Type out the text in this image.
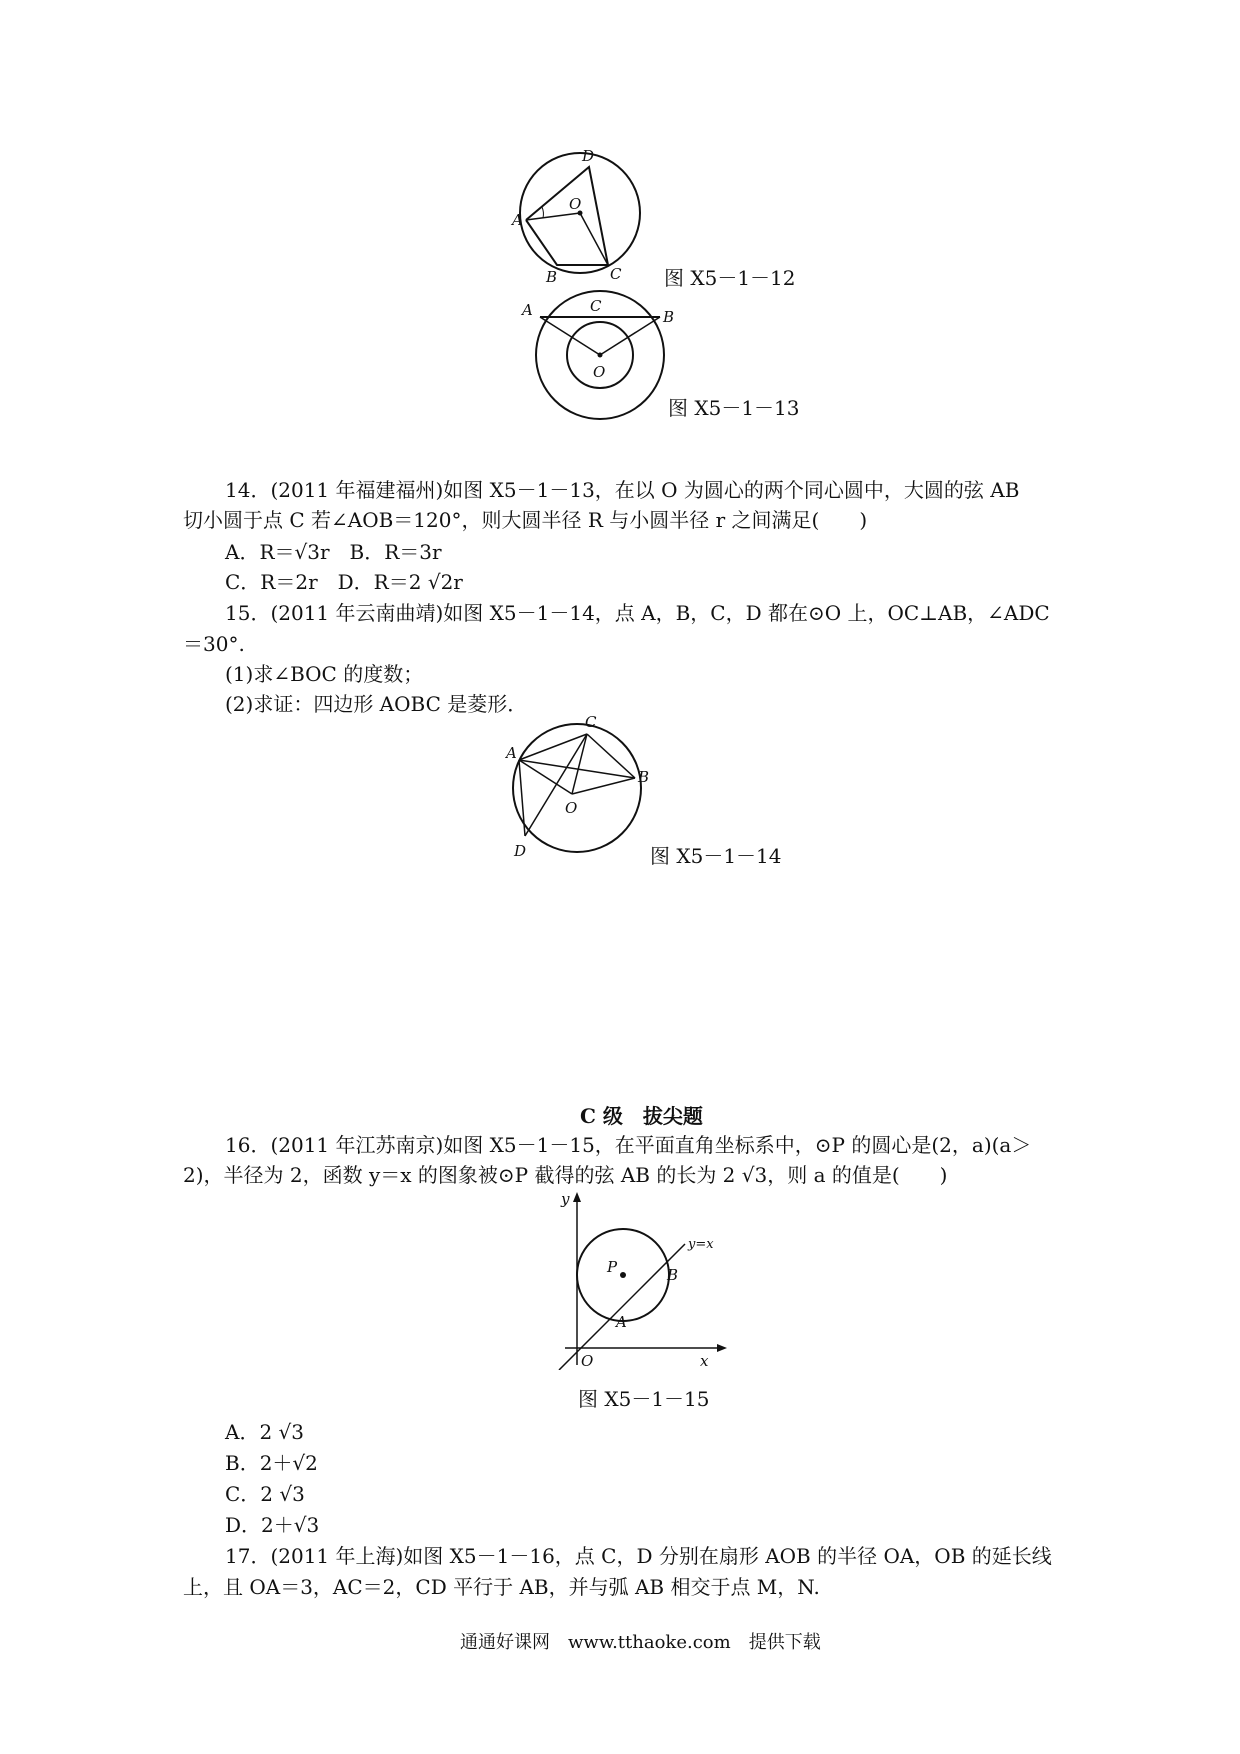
D
A
O
B	C 图 X5－1－12
A	C
B
O
图 X5－1－13
14．(2011 年福建福州)如图 X5－1－13，在以 O 为圆心的两个同心圆中，大圆的弦 AB
切小圆于点 C 若∠AOB＝120°，则大圆半径 R 与小圆半径 r 之间满足(　　)
A．R＝√3r　B．R＝3r
C．R＝2r　D．R＝2 √2r
15．(2011 年云南曲靖)如图 X5－1－14，点 A，B，C，D 都在⊙O 上，OC⊥AB，∠ADC
＝30°.
(1)求∠BOC 的度数；
(2)求证：四边形 AOBC 是菱形．
A
C
B
O
D	图 X5－1－14
C 级　拔尖题
16．(2011 年江苏南京)如图 X5－1－15，在平面直角坐标系中，⊙P 的圆心是(2，a)(a＞
2)，半径为 2，函数 y＝x 的图象被⊙P 截得的弦 AB 的长为 2 √3，则 a 的值是(　　)
y
y=x
P	B
A
O	x
图 X5－1－15
A．2 √3
B．2＋√2
C．2 √3
D．2＋√3
17．(2011 年上海)如图 X5－1－16，点 C，D 分别在扇形 AOB 的半径 OA，OB 的延长线
上，且 OA＝3，AC＝2，CD 平行于 AB，并与弧 AB 相交于点 M，N.
通通好课网　www.tthaoke.com　提供下载
